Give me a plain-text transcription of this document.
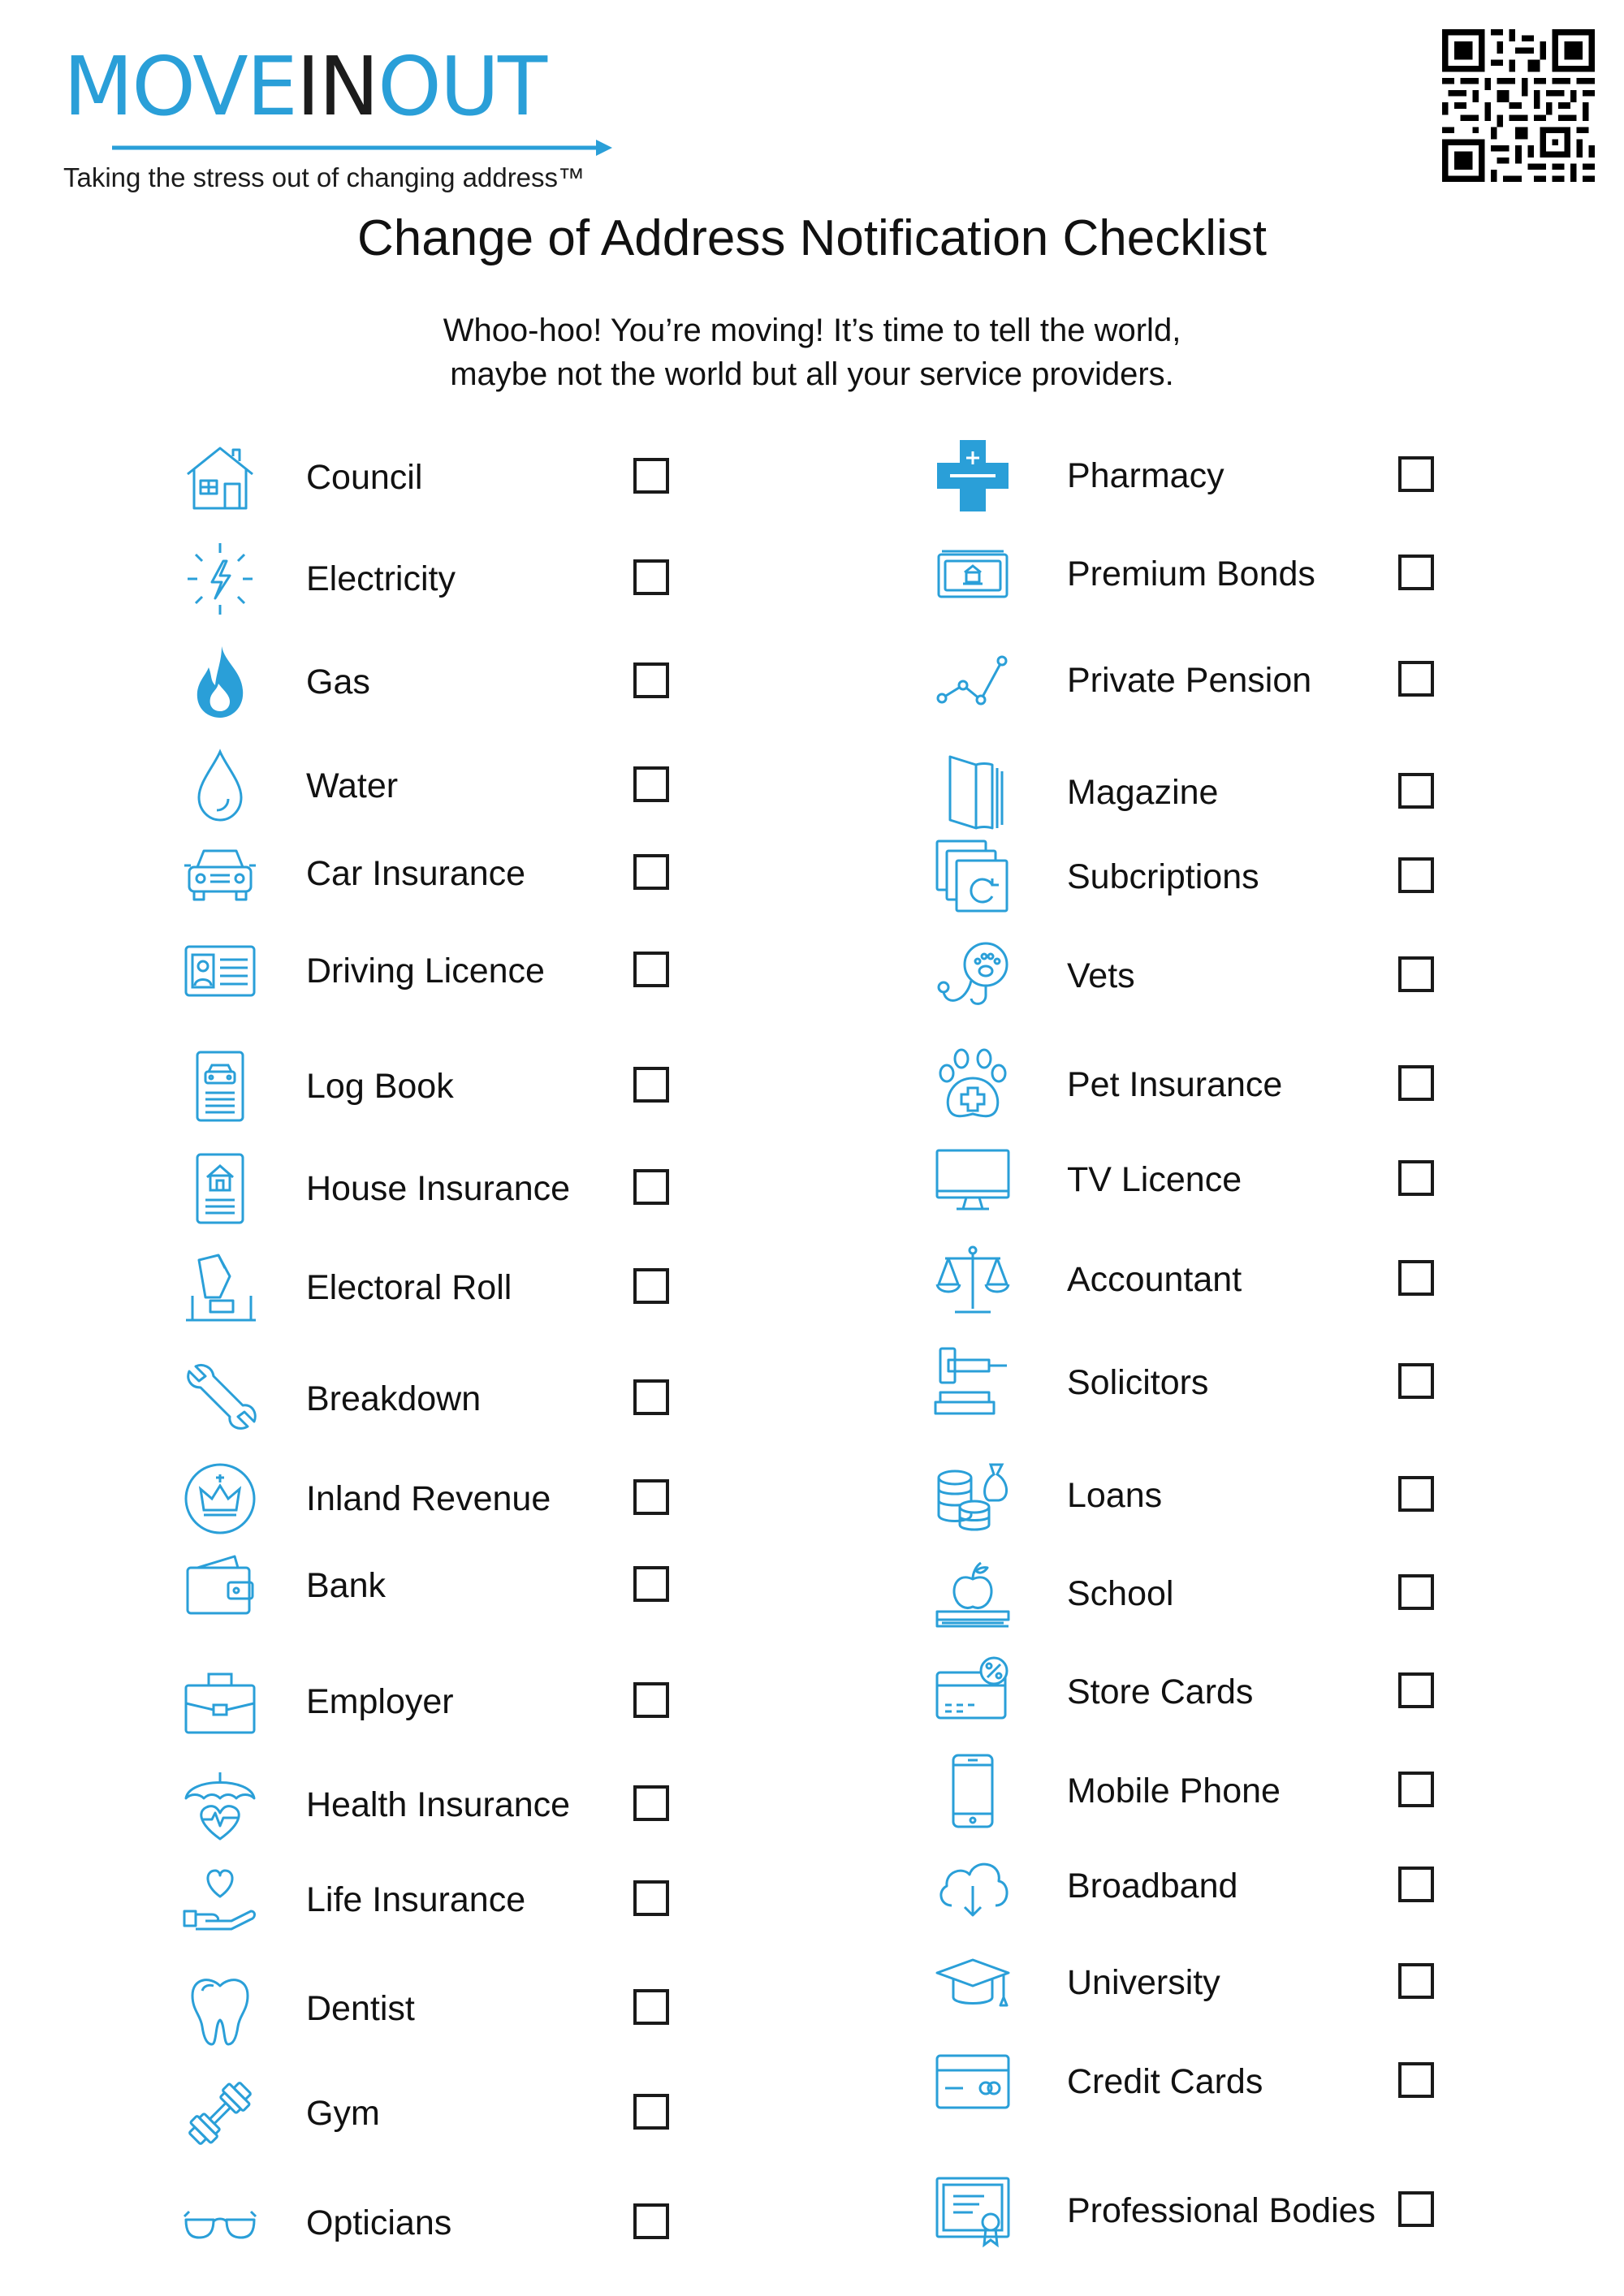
MOVEINOUT
Taking the stress out of changing address™
Change of Address Notification Checklist
Whoo-hoo! You’re moving! It’s time to tell the world,
maybe not the world but all your service providers.
Council
Electricity
Gas
Water
Car Insurance
Driving Licence
Log Book
House Insurance
Electoral Roll
Breakdown
Inland Revenue
Bank
Employer
Health Insurance
Life Insurance
Dentist
Gym
Opticians
Pharmacy
Premium Bonds
Private Pension
Magazine
Subcriptions
Vets
Pet Insurance
TV Licence
Accountant
Solicitors
Loans
School
Store Cards
Mobile Phone
Broadband
University
Credit Cards
Professional Bodies
